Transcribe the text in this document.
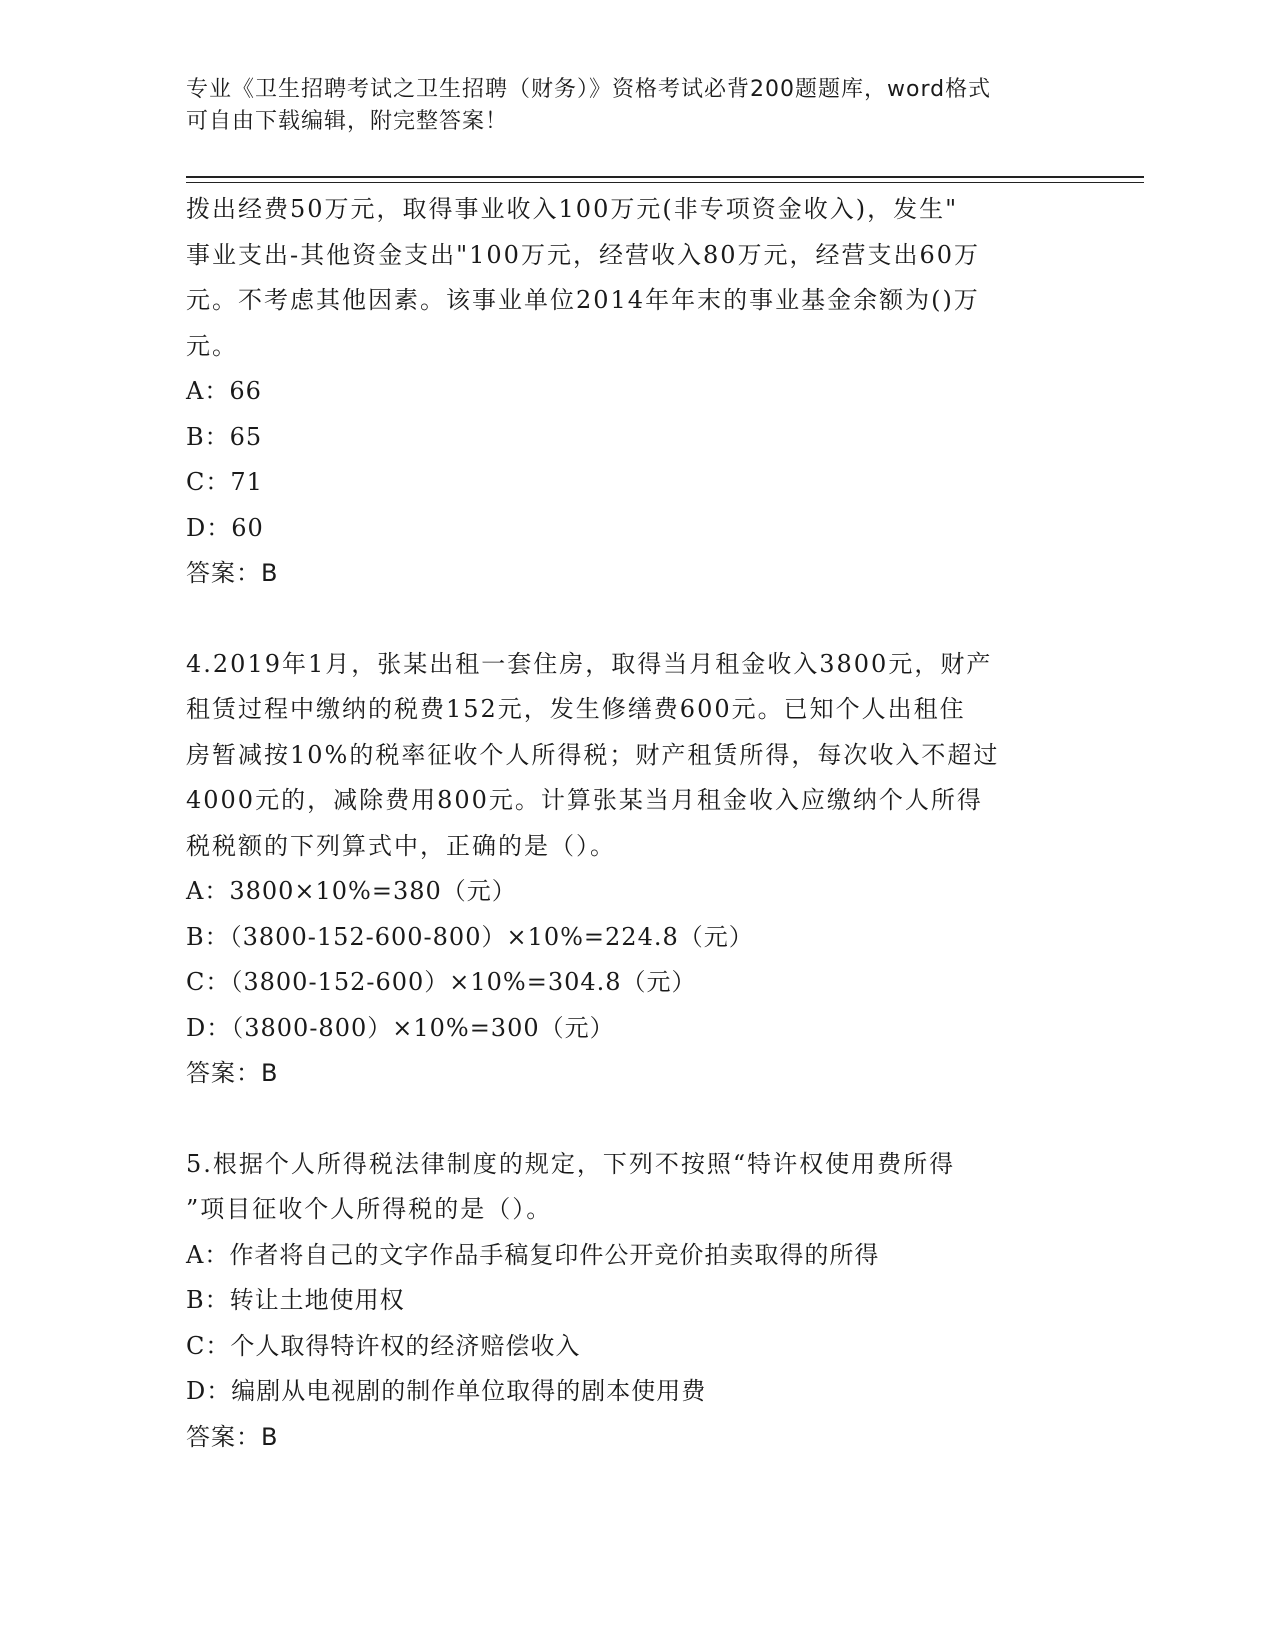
专业《卫生招聘考试之卫生招聘（财务）》资格考试必背200题题库，word格式
可自由下载编辑，附完整答案！

拨出经费50万元，取得事业收入100万元(非专项资金收入)，发生"

事业支出-其他资金支出"100万元，经营收入80万元，经营支出60万

元。不考虑其他因素。该事业单位2014年年末的事业基金余额为()万

元。

A：66

B：65

C：71

D：60

答案：B

4.2019年1月，张某出租一套住房，取得当月租金收入3800元，财产

租赁过程中缴纳的税费152元，发生修缮费600元。已知个人出租住

房暂减按10%的税率征收个人所得税；财产租赁所得，每次收入不超过

4000元的，减除费用800元。计算张某当月租金收入应缴纳个人所得

税税额的下列算式中，正确的是（）。

A：3800×10%=380（元）

B：（3800-152-600-800）×10%=224.8（元）

C：（3800-152-600）×10%=304.8（元）

D：（3800-800）×10%=300（元）

答案：B

5.根据个人所得税法律制度的规定，下列不按照“特许权使用费所得

”项目征收个人所得税的是（）。

A：作者将自己的文字作品手稿复印件公开竞价拍卖取得的所得

B：转让土地使用权

C：个人取得特许权的经济赔偿收入

D：编剧从电视剧的制作单位取得的剧本使用费

答案：B
